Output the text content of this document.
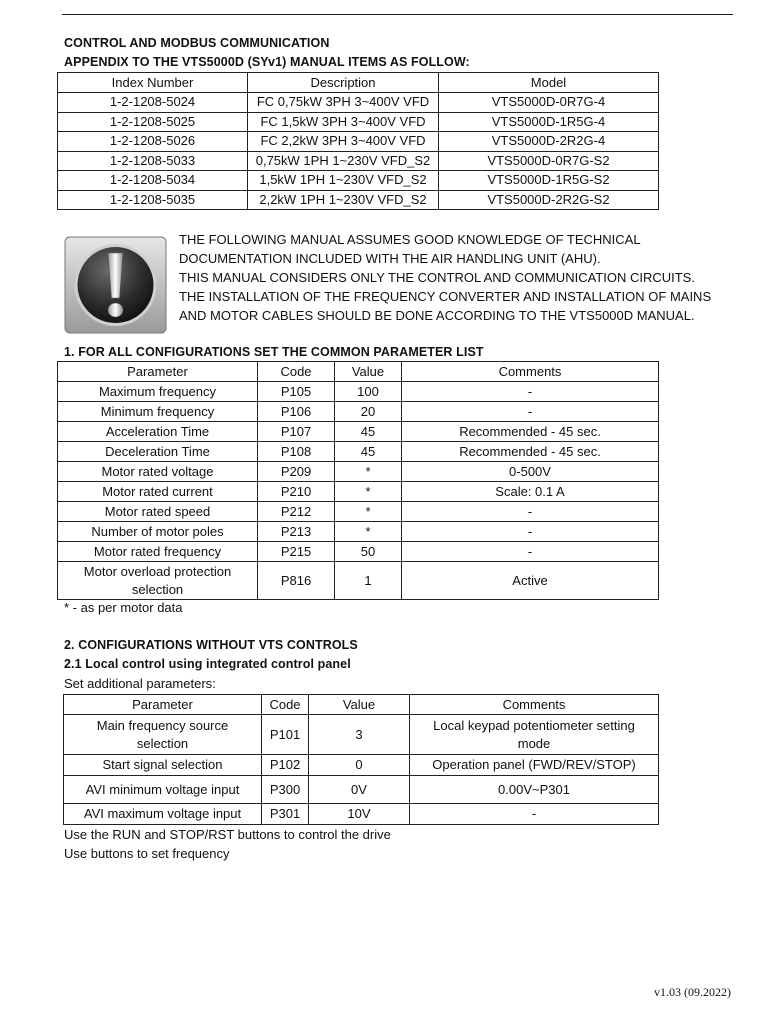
CONTROL AND MODBUS COMMUNICATION
APPENDIX TO THE VTS5000D (SYv1) MANUAL ITEMS AS FOLLOW:
Index Number	Description	Model
1-2-1208-5024	FC 0,75kW 3PH 3~400V VFD	VTS5000D-0R7G-4
1-2-1208-5025	FC 1,5kW 3PH 3~400V VFD	VTS5000D-1R5G-4
1-2-1208-5026	FC 2,2kW 3PH 3~400V VFD	VTS5000D-2R2G-4
1-2-1208-5033	0,75kW 1PH 1~230V VFD_S2	VTS5000D-0R7G-S2
1-2-1208-5034	1,5kW 1PH 1~230V VFD_S2	VTS5000D-1R5G-S2
1-2-1208-5035	2,2kW 1PH 1~230V VFD_S2	VTS5000D-2R2G-S2
THE FOLLOWING MANUAL ASSUMES GOOD KNOWLEDGE OF TECHNICAL
DOCUMENTATION INCLUDED WITH THE AIR HANDLING UNIT (AHU).
THIS MANUAL CONSIDERS ONLY THE CONTROL AND COMMUNICATION CIRCUITS.
THE INSTALLATION OF THE FREQUENCY CONVERTER AND INSTALLATION OF MAINS
AND MOTOR CABLES SHOULD BE DONE ACCORDING TO THE VTS5000D MANUAL.
1. FOR ALL CONFIGURATIONS SET THE COMMON PARAMETER LIST
Parameter	Code	Value	Comments
Maximum frequency	P105	100	-
Minimum frequency	P106	20	-
Acceleration Time	P107	45	Recommended - 45 sec.
Deceleration Time	P108	45	Recommended - 45 sec.
Motor rated voltage	P209	*	0-500V
Motor rated current	P210	*	Scale: 0.1 A
Motor rated speed	P212	*	-
Number of motor poles	P213	*	-
Motor rated frequency	P215	50	-
Motor overload protection selection	P816	1	Active
* - as per motor data
2. CONFIGURATIONS WITHOUT VTS CONTROLS
2.1 Local control using integrated control panel
Set additional parameters:
Parameter	Code	Value	Comments
Main frequency source selection	P101	3	Local keypad potentiometer setting mode
Start signal selection	P102	0	Operation panel (FWD/REV/STOP)
AVI minimum voltage input	P300	0V	0.00V~P301
AVI maximum voltage input	P301	10V	-
Use the RUN and STOP/RST buttons to control the drive
Use buttons to set frequency
v1.03 (09.2022)
